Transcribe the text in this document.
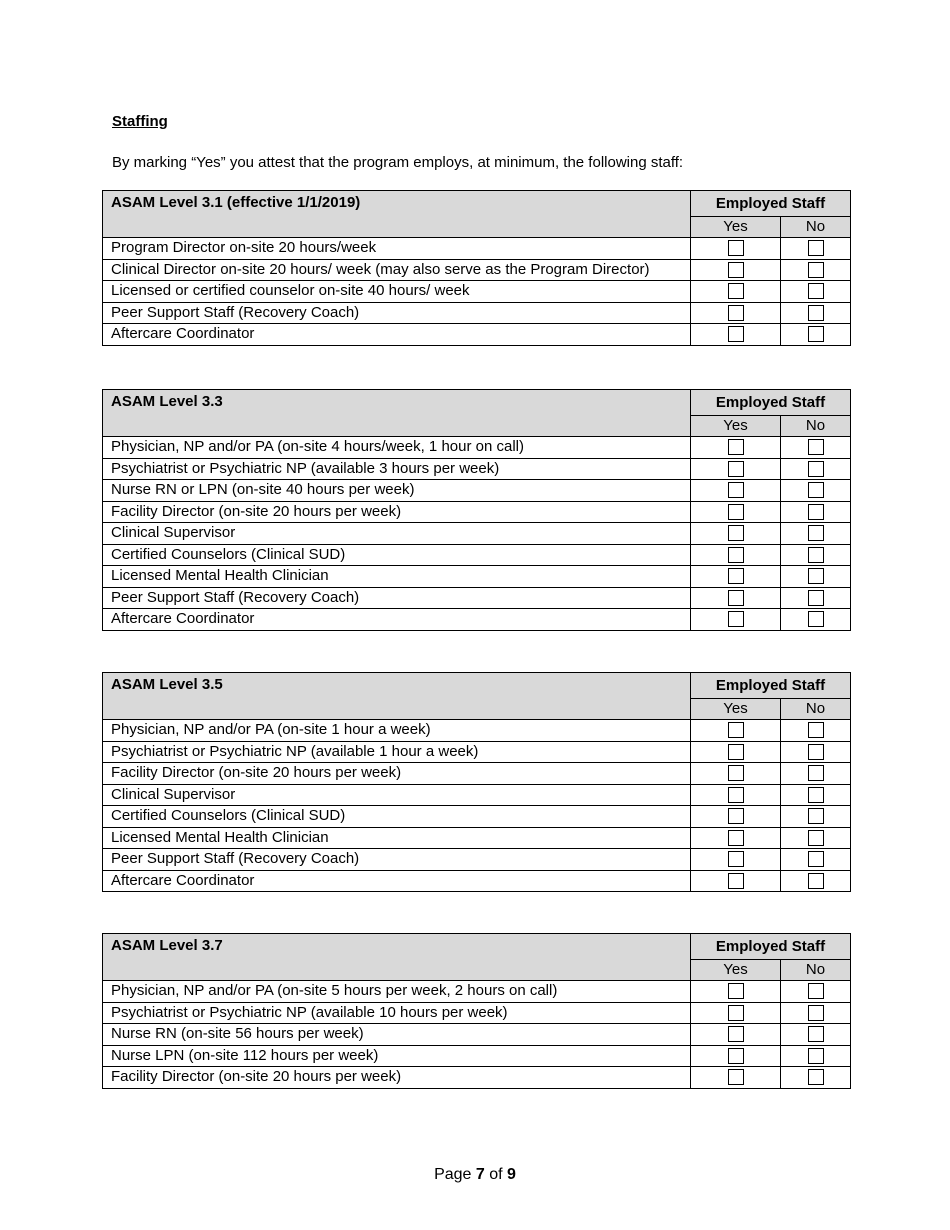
Staffing
By marking “Yes” you attest that the program employs, at minimum, the following staff:
ASAM Level 3.1 (effective 1/1/2019)	Employed Staff	
	Yes	No
Program Director on-site 20 hours/week		
Clinical Director on-site 20 hours/ week (may also serve as the Program Director)		
Licensed or certified counselor on-site 40 hours/ week		
Peer Support Staff (Recovery Coach)		
Aftercare Coordinator		
ASAM Level 3.3	Employed Staff	
	Yes	No
Physician, NP and/or PA (on-site 4 hours/week, 1 hour on call)		
Psychiatrist or Psychiatric NP (available 3 hours per week)		
Nurse RN or LPN (on-site 40 hours per week)		
Facility Director (on-site 20 hours per week)		
Clinical Supervisor		
Certified Counselors (Clinical SUD)		
Licensed Mental Health Clinician		
Peer Support Staff (Recovery Coach)		
Aftercare Coordinator		
ASAM Level 3.5	Employed Staff	
	Yes	No
Physician, NP and/or PA (on-site 1 hour a week)		
Psychiatrist or Psychiatric NP (available 1 hour a week)		
Facility Director (on-site 20 hours per week)		
Clinical Supervisor		
Certified Counselors (Clinical SUD)		
Licensed Mental Health Clinician		
Peer Support Staff (Recovery Coach)		
Aftercare Coordinator		
ASAM Level 3.7	Employed Staff	
	Yes	No
Physician, NP and/or PA (on-site 5 hours per week, 2 hours on call)		
Psychiatrist or Psychiatric NP (available 10 hours per week)		
Nurse RN (on-site 56 hours per week)		
Nurse LPN (on-site 112 hours per week)		
Facility Director (on-site 20 hours per week)		
Page 7 of 9
